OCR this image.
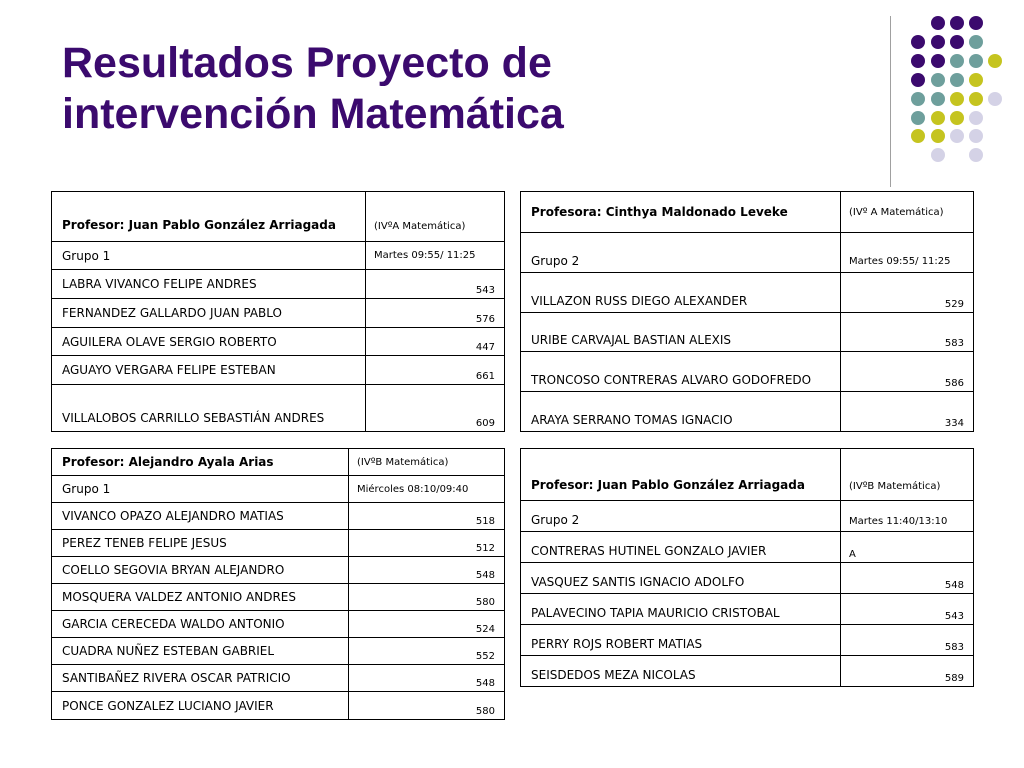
Resultados Proyecto de
intervención Matemática
Profesor: Juan Pablo González Arriagada	(IVºA Matemática)
Grupo 1	Martes 09:55/ 11:25
LABRA VIVANCO FELIPE ANDRES	543
FERNANDEZ GALLARDO JUAN PABLO	576
AGUILERA OLAVE SERGIO ROBERTO	447
AGUAYO VERGARA FELIPE ESTEBAN	661
VILLALOBOS CARRILLO SEBASTIÁN ANDRES	609
Profesora: Cinthya Maldonado Leveke	(IVº A Matemática)
Grupo 2	Martes 09:55/ 11:25
VILLAZON RUSS DIEGO ALEXANDER	529
URIBE CARVAJAL BASTIAN ALEXIS	583
TRONCOSO CONTRERAS ALVARO GODOFREDO	586
ARAYA SERRANO TOMAS IGNACIO	334
Profesor: Alejandro Ayala Arias	(IVºB Matemática)
Grupo 1	Miércoles 08:10/09:40
VIVANCO OPAZO ALEJANDRO MATIAS	518
PEREZ TENEB FELIPE JESUS	512
COELLO SEGOVIA BRYAN ALEJANDRO	548
MOSQUERA VALDEZ ANTONIO ANDRES	580
GARCIA CERECEDA WALDO ANTONIO	524
CUADRA NUÑEZ ESTEBAN GABRIEL	552
SANTIBAÑEZ RIVERA OSCAR PATRICIO	548
PONCE GONZALEZ LUCIANO JAVIER	580
Profesor: Juan Pablo González Arriagada	(IVºB Matemática)
Grupo 2	Martes 11:40/13:10
CONTRERAS HUTINEL GONZALO JAVIER	A
VASQUEZ SANTIS IGNACIO ADOLFO	548
PALAVECINO TAPIA MAURICIO CRISTOBAL	543
PERRY ROJS ROBERT MATIAS	583
SEISDEDOS MEZA NICOLAS	589
